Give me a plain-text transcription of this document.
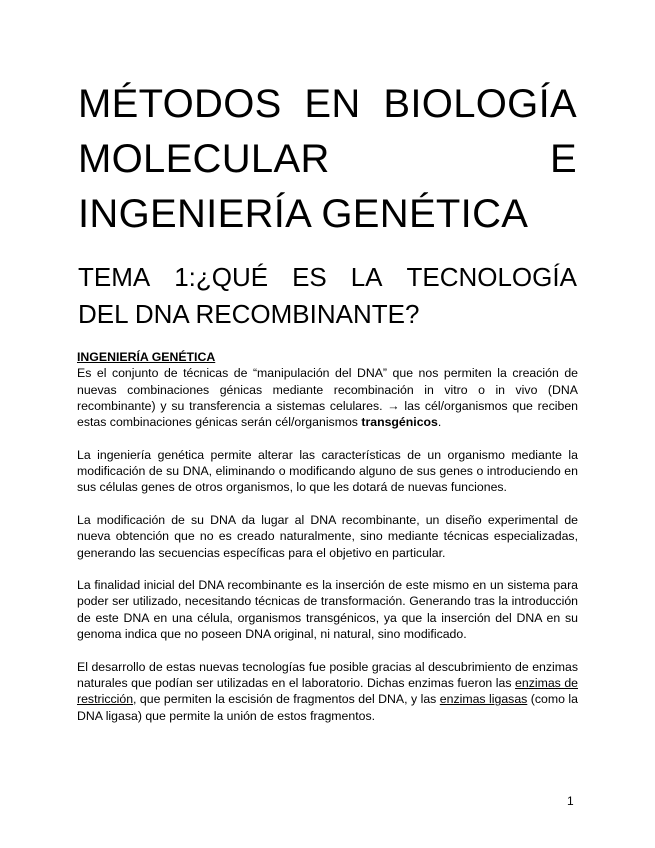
MÉTODOS EN BIOLOGÍA
MOLECULAR	E
INGENIERÍA GENÉTICA
TEMA 1:¿QUÉ ES LA TECNOLOGÍA
DEL DNA RECOMBINANTE?

INGENIERÍA GENÉTICA

Es el conjunto de técnicas de “manipulación del DNA” que nos permiten la creación de nuevas combinaciones génicas mediante recombinación in vitro o in vivo (DNA recombinante) y su transferencia a sistemas celulares. → las cél/organismos que reciben estas combinaciones génicas serán cél/organismos transgénicos.

La ingeniería genética permite alterar las características de un organismo mediante la modificación de su DNA, eliminando o modificando alguno de sus genes o introduciendo en sus células genes de otros organismos, lo que les dotará de nuevas funciones.

La modificación de su DNA da lugar al DNA recombinante, un diseño experimental de nueva obtención que no es creado naturalmente, sino mediante técnicas especializadas, generando las secuencias específicas para el objetivo en particular.

La finalidad inicial del DNA recombinante es la inserción de este mismo en un sistema para poder ser utilizado, necesitando técnicas de transformación. Generando tras la introducción de este DNA en una célula, organismos transgénicos, ya que la inserción del DNA en su genoma indica que no poseen DNA original, ni natural, sino modificado.

El desarrollo de estas nuevas tecnologías fue posible gracias al descubrimiento de enzimas naturales que podían ser utilizadas en el laboratorio. Dichas enzimas fueron las enzimas de restricción, que permiten la escisión de fragmentos del DNA, y las enzimas ligasas (como la DNA ligasa) que permite la unión de estos fragmentos.

1
